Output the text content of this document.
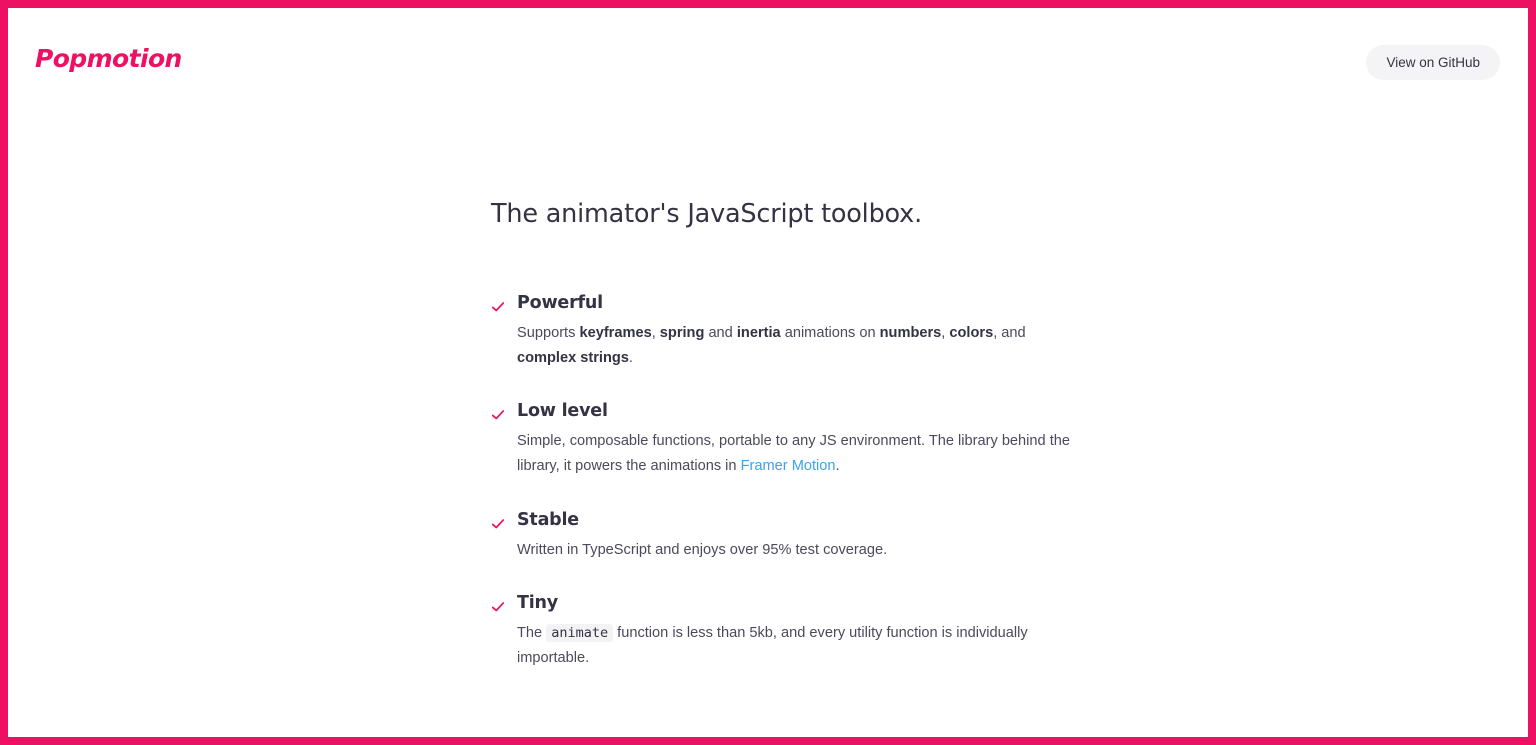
Popmotion	View on GitHub
The animator's JavaScript toolbox.
Powerful

Supports keyframes, spring and inertia animations on numbers, colors, and complex strings.

Low level

Simple, composable functions, portable to any JS environment. The library behind the library, it powers the animations in Framer Motion.

Stable

Written in TypeScript and enjoys over 95% test coverage.

Tiny

The animate function is less than 5kb, and every utility function is individually importable.
